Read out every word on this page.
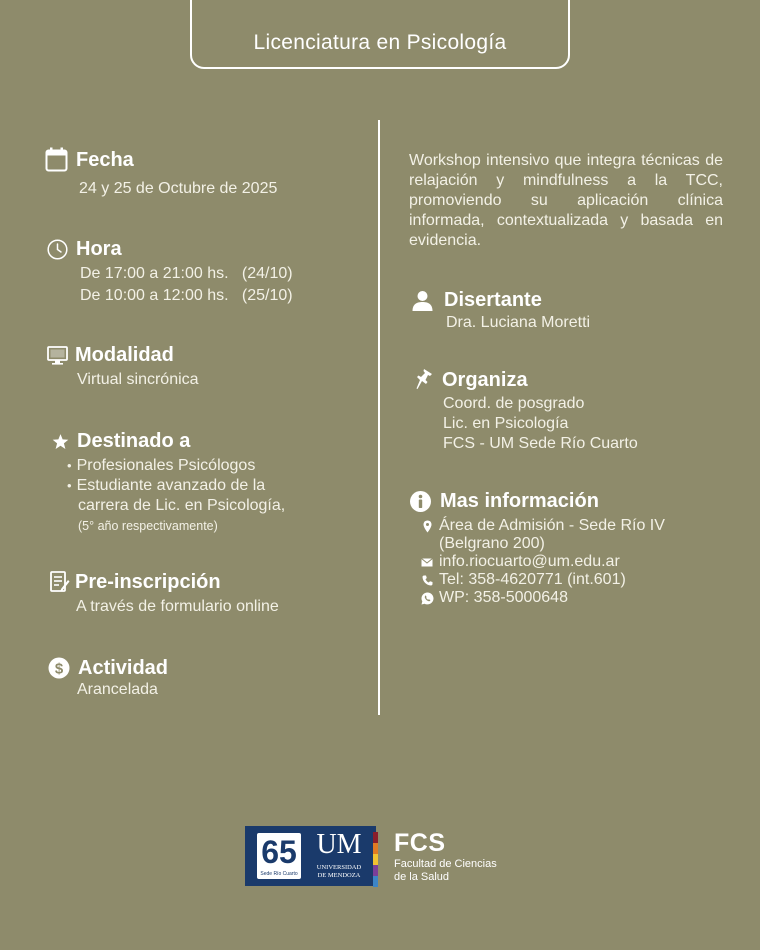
Licenciatura en Psicología
Fecha
24 y 25 de Octubre de 2025
Hora
De 17:00 a 21:00 hs.   (24/10)
De 10:00 a 12:00 hs.   (25/10)
Modalidad
Virtual sincrónica
Destinado a
• Profesionales Psicólogos
• Estudiante avanzado de la
carrera de Lic. en Psicología,
(5° año respectivamente)
Pre-inscripción
A través de formulario online
$ Actividad
Arancelada
Workshop intensivo que integra técnicas de relajación y mindfulness a la TCC, promoviendo su aplicación clínica informada, contextualizada y basada en evidencia.
Disertante
Dra. Luciana Moretti
Organiza
Coord. de posgrado
Lic. en Psicología
FCS - UM Sede Río Cuarto
Mas información
Área de Admisión - Sede Río IV
(Belgrano 200)
info.riocuarto@um.edu.ar
Tel: 358-4620771 (int.601)
WP: 358-5000648
65
Sede Río Cuarto
UM
UNIVERSIDAD
DE MENDOZA
FCS
Facultad de Ciencias
de la Salud
